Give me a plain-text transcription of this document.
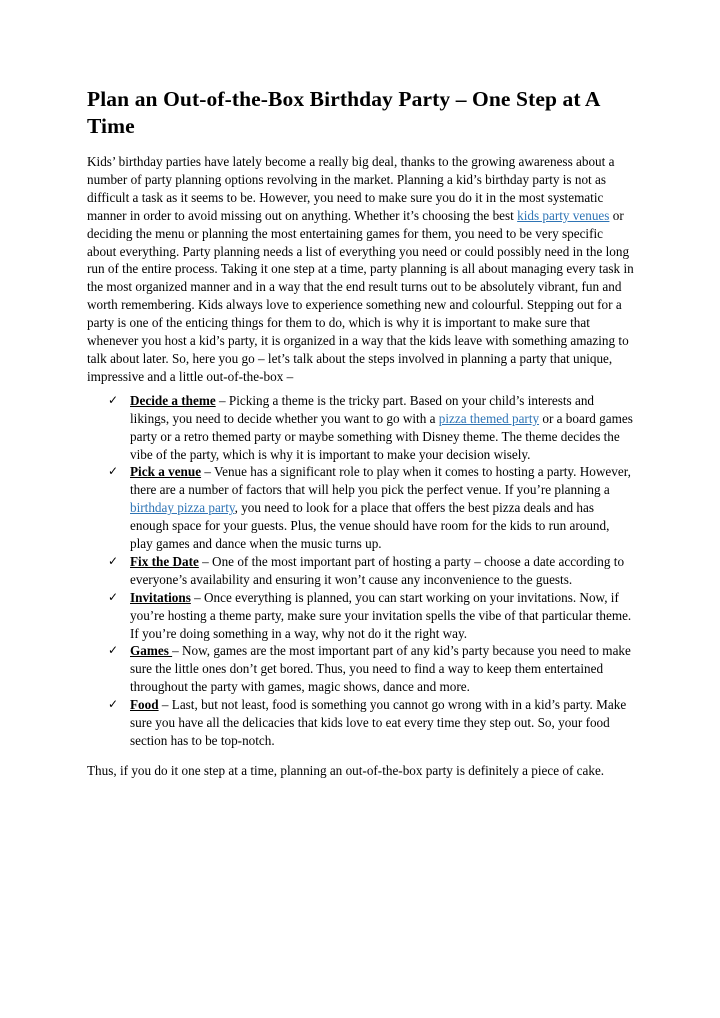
Plan an Out-of-the-Box Birthday Party – One Step at A Time

Kids’ birthday parties have lately become a really big deal, thanks to the growing awareness about a number of party planning options revolving in the market. Planning a kid’s birthday party is not as difficult a task as it seems to be. However, you need to make sure you do it in the most systematic manner in order to avoid missing out on anything. Whether it’s choosing the best kids party venues or deciding the menu or planning the most entertaining games for them, you need to be very specific about everything. Party planning needs a list of everything you need or could possibly need in the long run of the entire process. Taking it one step at a time, party planning is all about managing every task in the most organized manner and in a way that the end result turns out to be absolutely vibrant, fun and worth remembering. Kids always love to experience something new and colourful. Stepping out for a party is one of the enticing things for them to do, which is why it is important to make sure that whenever you host a kid’s party, it is organized in a way that the kids leave with something amazing to talk about later. So, here you go – let’s talk about the steps involved in planning a party that unique, impressive and a little out-of-the-box –

✓ Decide a theme – Picking a theme is the tricky part. Based on your child’s interests and likings, you need to decide whether you want to go with a pizza themed party or a board games party or a retro themed party or maybe something with Disney theme. The theme decides the vibe of the party, which is why it is important to make your decision wisely.
✓ Pick a venue – Venue has a significant role to play when it comes to hosting a party. However, there are a number of factors that will help you pick the perfect venue. If you’re planning a birthday pizza party, you need to look for a place that offers the best pizza deals and has enough space for your guests. Plus, the venue should have room for the kids to run around, play games and dance when the music turns up.
✓ Fix the Date – One of the most important part of hosting a party – choose a date according to everyone’s availability and ensuring it won’t cause any inconvenience to the guests.
✓ Invitations – Once everything is planned, you can start working on your invitations. Now, if you’re hosting a theme party, make sure your invitation spells the vibe of that particular theme. If you’re doing something in a way, why not do it the right way.
✓ Games – Now, games are the most important part of any kid’s party because you need to make sure the little ones don’t get bored. Thus, you need to find a way to keep them entertained throughout the party with games, magic shows, dance and more.
✓ Food – Last, but not least, food is something you cannot go wrong with in a kid’s party. Make sure you have all the delicacies that kids love to eat every time they step out. So, your food section has to be top-notch.

Thus, if you do it one step at a time, planning an out-of-the-box party is definitely a piece of cake.
